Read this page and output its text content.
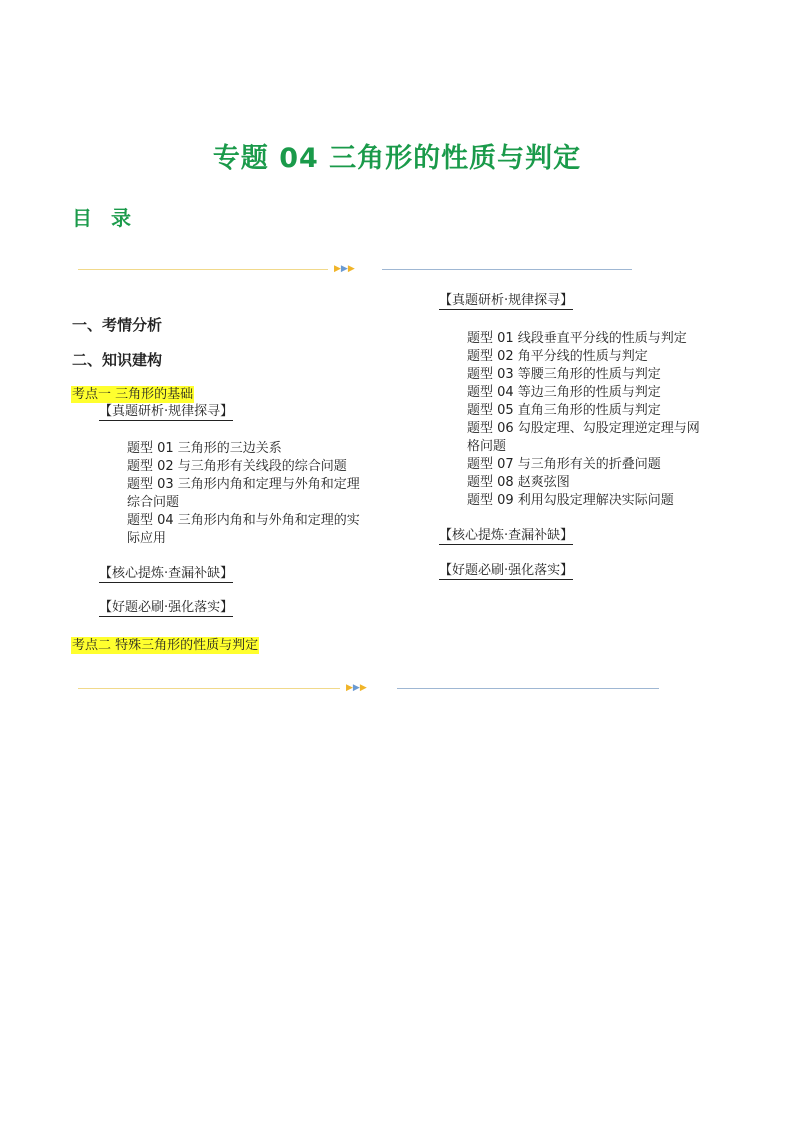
专题 04 三角形的性质与判定
目 录
▶▶▶
一、考情分析
二、知识建构
考点一 三角形的基础
【真题研析·规律探寻】
题型 01 三角形的三边关系
题型 02 与三角形有关线段的综合问题
题型 03 三角形内角和定理与外角和定理
综合问题
题型 04 三角形内角和与外角和定理的实
际应用
【核心提炼·查漏补缺】
【好题必刷·强化落实】
考点二 特殊三角形的性质与判定
【真题研析·规律探寻】
题型 01 线段垂直平分线的性质与判定
题型 02 角平分线的性质与判定
题型 03 等腰三角形的性质与判定
题型 04 等边三角形的性质与判定
题型 05 直角三角形的性质与判定
题型 06 勾股定理、勾股定理逆定理与网
格问题
题型 07 与三角形有关的折叠问题
题型 08 赵爽弦图
题型 09 利用勾股定理解决实际问题
【核心提炼·查漏补缺】
【好题必刷·强化落实】
▶▶▶
